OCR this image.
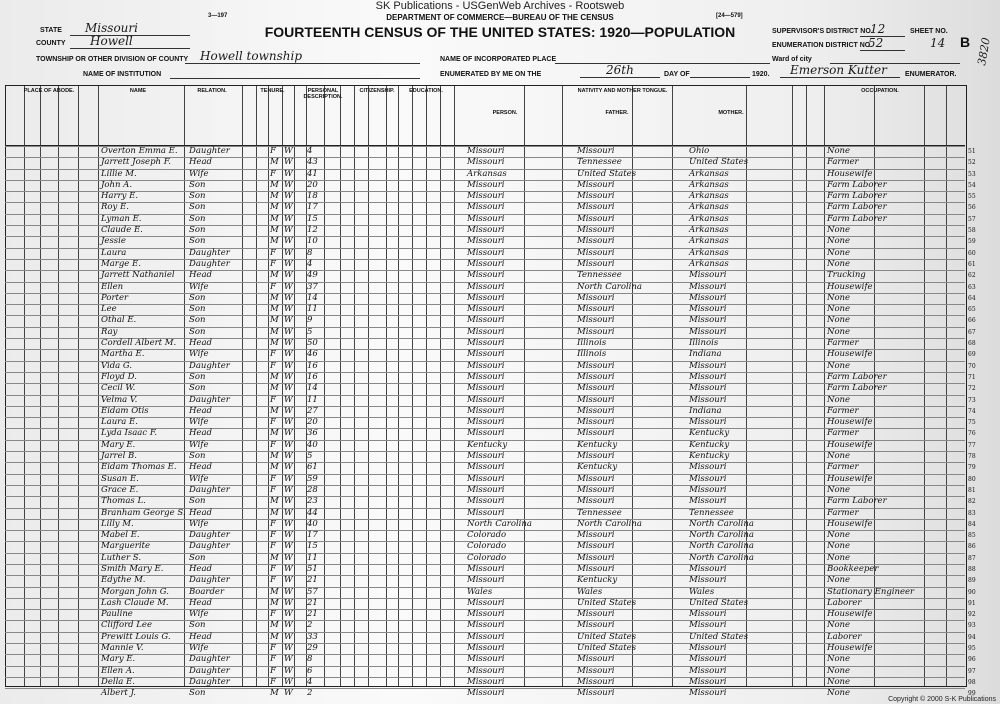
SK Publications - USGenWeb Archives - Rootsweb
3—197	[24—579]
DEPARTMENT OF COMMERCE—BUREAU OF THE CENSUS
FOURTEENTH CENSUS OF THE UNITED STATES: 1920—POPULATION
STATE Missouri
COUNTY Howell
TOWNSHIP OR OTHER DIVISION OF COUNTY Howell township
NAME OF INSTITUTION
NAME OF INCORPORATED PLACE
ENUMERATED BY ME ON THE	26th	DAY OF	1920. Emerson Kutter	ENUMERATOR.
SUPERVISOR'S DISTRICT NO.
12	SHEET NO.
ENUMERATION DISTRICT NO.
52	14 B
Ward of city	3820
PLACE OF ABODE.	NAME	RELATION.	TENURE.	PERSONAL DESCRIPTION.
CITIZENSHIP.	EDUCATION.	NATIVITY AND MOTHER TONGUE.	OCCUPATION.
PERSON.	FATHER.	MOTHER.
Overton Emma E. Daughter	F W 4	Missouri	Missouri	Ohio	None	51
Jarrett Joseph F. Head	M W 43	Missouri	Tennessee	United States	Farmer	52
Lillie M.	Wife	F W 41	Arkansas	United States	Arkansas	Housewife	53
John A.	Son	M W 20	Missouri	Missouri	Arkansas	Farm Laborer	54
Harry E.	Son	M W 18	Missouri	Missouri	Arkansas	Farm Laborer	55
Roy E.	Son	M W 17	Missouri	Missouri	Arkansas	Farm Laborer	56
Lyman E.	Son	M W 15	Missouri	Missouri	Arkansas	Farm Laborer	57
Claude E.	Son	M W 12	Missouri	Missouri	Arkansas	None	58
Jessie	Son	M W 10	Missouri	Missouri	Arkansas	None	59
Laura	Daughter	F W 8	Missouri	Missouri	Arkansas	None	60
Marge E.	Daughter	F W 4	Missouri	Missouri	Arkansas	None	61
Jarrett Nathaniel Head	M W 49	Missouri	Tennessee	Missouri	Trucking	62
Ellen	Wife	F W 37	Missouri	North Carolina	Missouri	Housewife	63
Porter	Son	M W 14	Missouri	Missouri	Missouri	None	64
Lee	Son	M W 11	Missouri	Missouri	Missouri	None	65
Othal E.	Son	M W 9	Missouri	Missouri	Missouri	None	66
Ray	Son	M W 5	Missouri	Missouri	Missouri	None	67
Cordell Albert M. Head	M W 50	Missouri	Illinois	Illinois	Farmer	68
Martha E.	Wife	F W 46	Missouri	Illinois	Indiana	Housewife	69
Vida G.	Daughter	F W 16	Missouri	Missouri	Missouri	None	70
Floyd D.	Son	M W 16	Missouri	Missouri	Missouri	Farm Laborer	71
Cecil W.	Son	M W 14	Missouri	Missouri	Missouri	Farm Laborer	72
Velma V.	Daughter	F W 11	Missouri	Missouri	Missouri	None	73
Eidam Otis	Head	M W 27	Missouri	Missouri	Indiana	Farmer	74
Laura E.	Wife	F W 20	Missouri	Missouri	Missouri	Housewife	75
Lyda Isaac F.	Head	M W 36	Missouri	Missouri	Kentucky	Farmer	76
Mary E.	Wife	F W 40	Kentucky	Kentucky	Kentucky	Housewife	77
Jarrel B.	Son	M W 5	Missouri	Missouri	Kentucky	None	78
Eidam Thomas E. Head	M W 61	Missouri	Kentucky	Missouri	Farmer	79
Susan E.	Wife	F W 59	Missouri	Missouri	Missouri	Housewife	80
Grace E.	Daughter	F W 28	Missouri	Missouri	Missouri	None	81
Thomas L.	Son	M W 23	Missouri	Missouri	Missouri	Farm Laborer	82
Branham George S. Head	M W 44	Missouri	Tennessee	Tennessee	Farmer	83
Lilly M.	Wife	F W 40	North Carolina	North Carolina	North Carolina	Housewife	84
Mabel E.	Daughter	F W 17	Colorado	Missouri	North Carolina	None	85
Marguerite	Daughter	F W 15	Colorado	Missouri	North Carolina	None	86
Luther S.	Son	M W 11	Colorado	Missouri	North Carolina	None	87
Smith Mary E.	Head	F W 51	Missouri	Missouri	Missouri	Bookkeeper	88
Edythe M.	Daughter	F W 21	Missouri	Kentucky	Missouri	None	89
Morgan John G. Boarder	M W 57	Wales	Wales	Wales	Stationary Engineer	90
Lash Claude M. Head	M W 21	Missouri	United States	United States	Laborer	91
Pauline	Wife	F W 21	Missouri	Missouri	Missouri	Housewife	92
Clifford Lee	Son	M W 2	Missouri	Missouri	Missouri	None	93
Prewitt Louis G. Head	M W 33	Missouri	United States	United States	Laborer	94
Mannie V.	Wife	F W 29	Missouri	United States	Missouri	Housewife	95
Mary E.	Daughter	F W 8	Missouri	Missouri	Missouri	None	96
Ellen A.	Daughter	F W 6	Missouri	Missouri	Missouri	None	97
Della E.	Daughter	F W 4	Missouri	Missouri	Missouri	None	98
Albert J.	Son	M W 2	Missouri	Missouri	Missouri	None	99
Copyright © 2000 S-K Publications
